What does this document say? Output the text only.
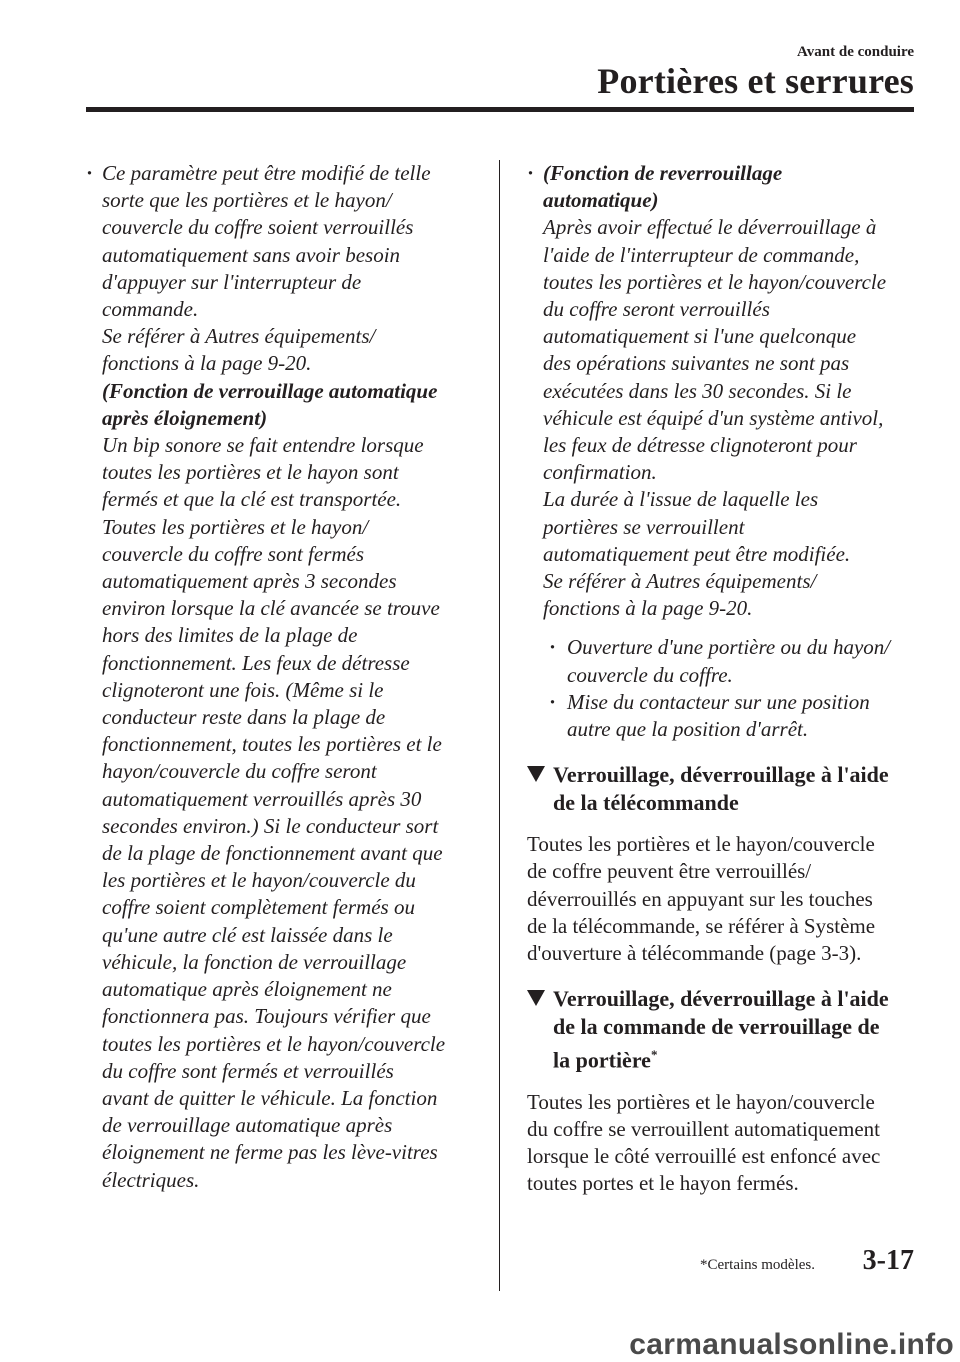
Avant de conduire
Portières et serrures
· Ce paramètre peut être modifié de telle
sorte que les portières et le hayon/
couvercle du coffre soient verrouillés
automatiquement sans avoir besoin
d'appuyer sur l'interrupteur de
commande.
Se référer à Autres équipements/
fonctions à la page 9-20.
(Fonction de verrouillage automatique
après éloignement)
Un bip sonore se fait entendre lorsque
toutes les portières et le hayon sont
fermés et que la clé est transportée.
Toutes les portières et le hayon/
couvercle du coffre sont fermés
automatiquement après 3 secondes
environ lorsque la clé avancée se trouve
hors des limites de la plage de
fonctionnement. Les feux de détresse
clignoteront une fois. (Même si le
conducteur reste dans la plage de
fonctionnement, toutes les portières et le
hayon/couvercle du coffre seront
automatiquement verrouillés après 30
secondes environ.) Si le conducteur sort
de la plage de fonctionnement avant que
les portières et le hayon/couvercle du
coffre soient complètement fermés ou
qu'une autre clé est laissée dans le
véhicule, la fonction de verrouillage
automatique après éloignement ne
fonctionnera pas. Toujours vérifier que
toutes les portières et le hayon/couvercle
du coffre sont fermés et verrouillés
avant de quitter le véhicule. La fonction
de verrouillage automatique après
éloignement ne ferme pas les lève-vitres
électriques.
· (Fonction de reverrouillage
automatique)
Après avoir effectué le déverrouillage à
l'aide de l'interrupteur de commande,
toutes les portières et le hayon/couvercle
du coffre seront verrouillés
automatiquement si l'une quelconque
des opérations suivantes ne sont pas
exécutées dans les 30 secondes. Si le
véhicule est équipé d'un système antivol,
les feux de détresse clignoteront pour
confirmation.
La durée à l'issue de laquelle les
portières se verrouillent
automatiquement peut être modifiée.
Se référer à Autres équipements/
fonctions à la page 9-20.
· Ouverture d'une portière ou du hayon/
couvercle du coffre.
· Mise du contacteur sur une position
autre que la position d'arrêt.
Verrouillage, déverrouillage à l'aide
de la télécommande
Toutes les portières et le hayon/couvercle
de coffre peuvent être verrouillés/
déverrouillés en appuyant sur les touches
de la télécommande, se référer à Système
d'ouverture à télécommande (page 3-3).
Verrouillage, déverrouillage à l'aide
de la commande de verrouillage de
la portière*
Toutes les portières et le hayon/couvercle
du coffre se verrouillent automatiquement
lorsque le côté verrouillé est enfoncé avec
toutes portes et le hayon fermés.
*Certains modèles. 3-17
carmanualsonline.info
